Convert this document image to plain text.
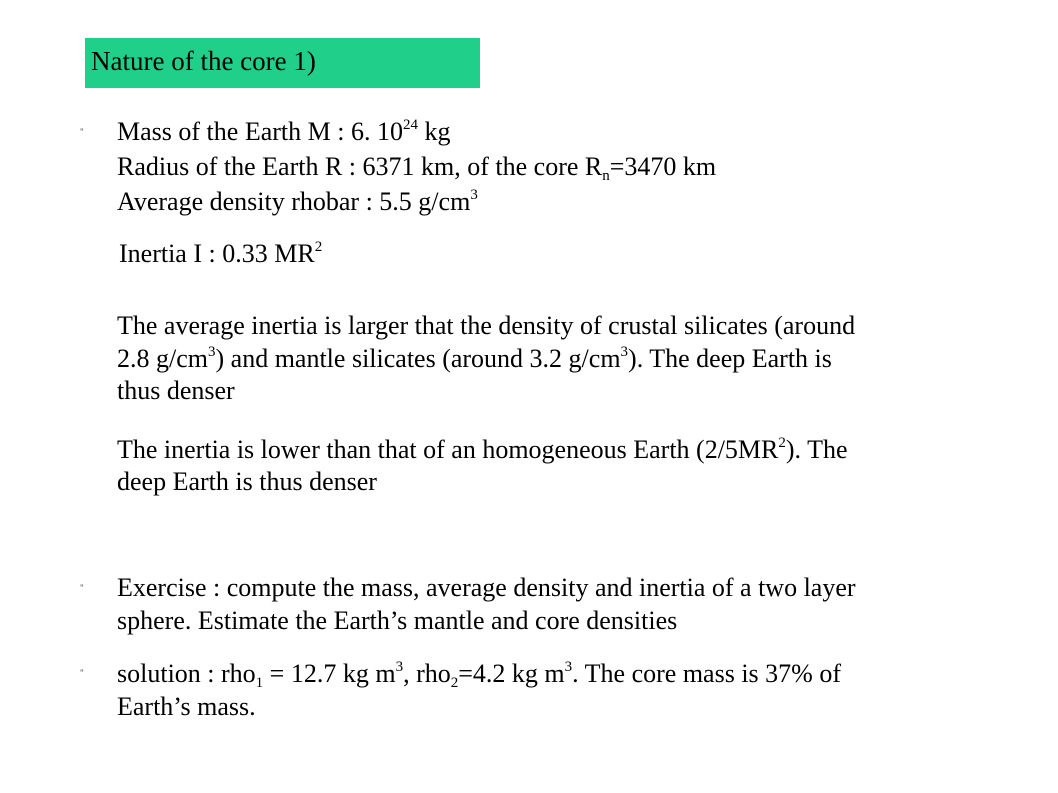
Nature of the core 1)
" Mass of the Earth M : 6. $10^{24}$ kg
Radius of the Earth R : 6371 km, of the core $R_n=3470$ km
Average density rhobar : 5.5 $g/cm^3$
Inertia I : 0.33 $MR^2$
The average inertia is larger that the density of crustal silicates (around
2.8 $g/cm^3$) and mantle silicates (around 3.2 $g/cm^3$). The deep Earth is
thus denser
The inertia is lower than that of an homogeneous Earth $(2/5MR^2)$. The
deep Earth is thus denser
" Exercise : compute the mass, average density and inertia of a two layer
sphere. Estimate the Earth’s mantle and core densities
" solution : rho$_1$ = 12.7 kg $m^3$, rho$_2$=4.2 kg $m^3$. The core mass is 37% of
Earth’s mass.
